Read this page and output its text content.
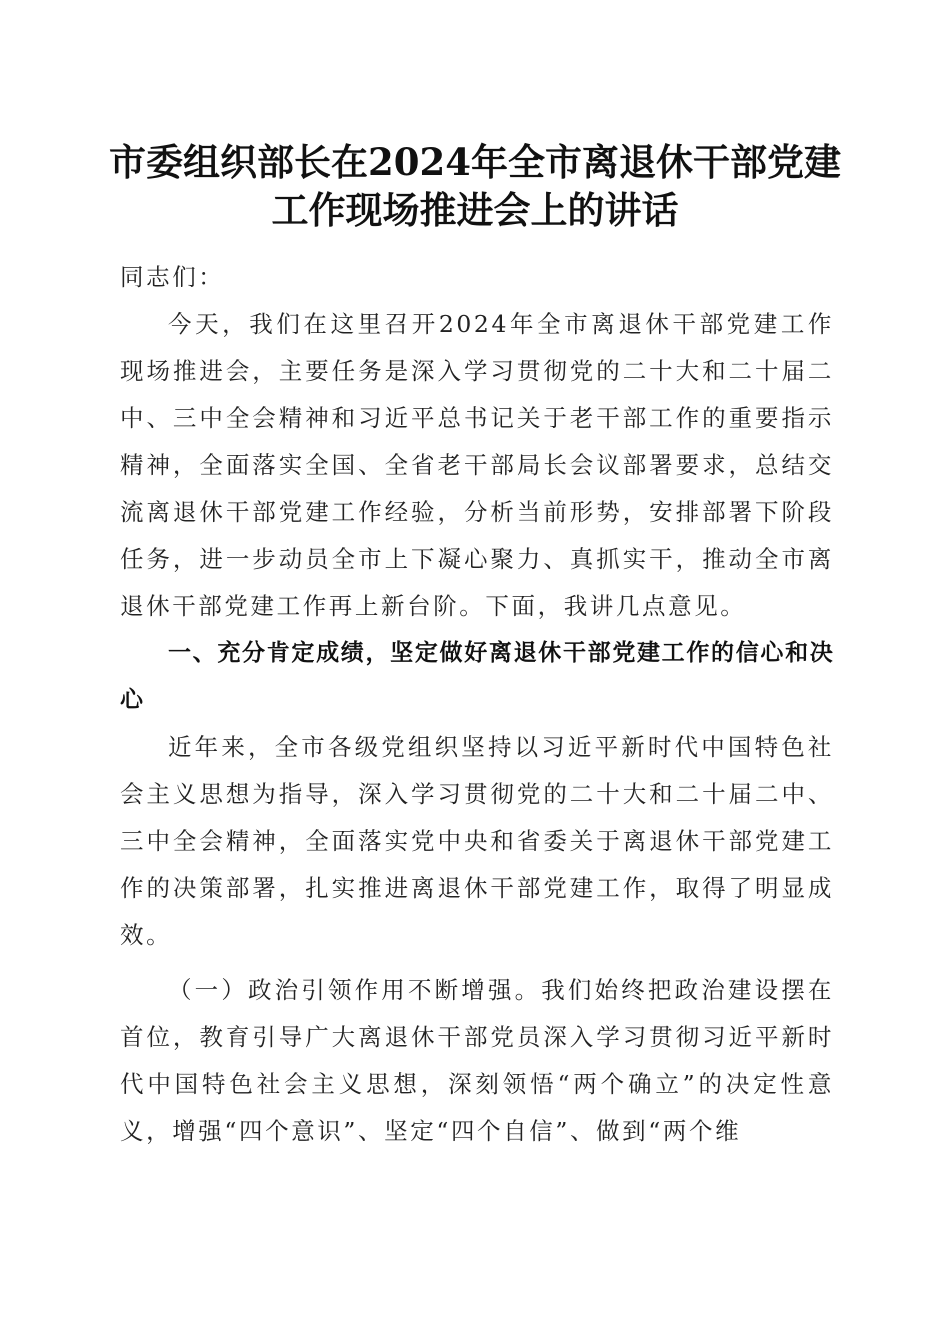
市委组织部长在2024年全市离退休干部党建
工作现场推进会上的讲话

同志们：

今天，我们在这里召开2024年全市离退休干部党建工作现场推进会，主要任务是深入学习贯彻党的二十大和二十届二中、三中全会精神和习近平总书记关于老干部工作的重要指示精神，全面落实全国、全省老干部局长会议部署要求，总结交流离退休干部党建工作经验，分析当前形势，安排部署下阶段任务，进一步动员全市上下凝心聚力、真抓实干，推动全市离退休干部党建工作再上新台阶。下面，我讲几点意见。

一、充分肯定成绩，坚定做好离退休干部党建工作的信心和决心

近年来，全市各级党组织坚持以习近平新时代中国特色社会主义思想为指导，深入学习贯彻党的二十大和二十届二中、三中全会精神，全面落实党中央和省委关于离退休干部党建工作的决策部署，扎实推进离退休干部党建工作，取得了明显成效。

（一）政治引领作用不断增强。我们始终把政治建设摆在首位，教育引导广大离退休干部党员深入学习贯彻习近平新时代中国特色社会主义思想，深刻领悟“两个确立”的决定性意义，增强“四个意识”、坚定“四个自信”、做到“两个维
